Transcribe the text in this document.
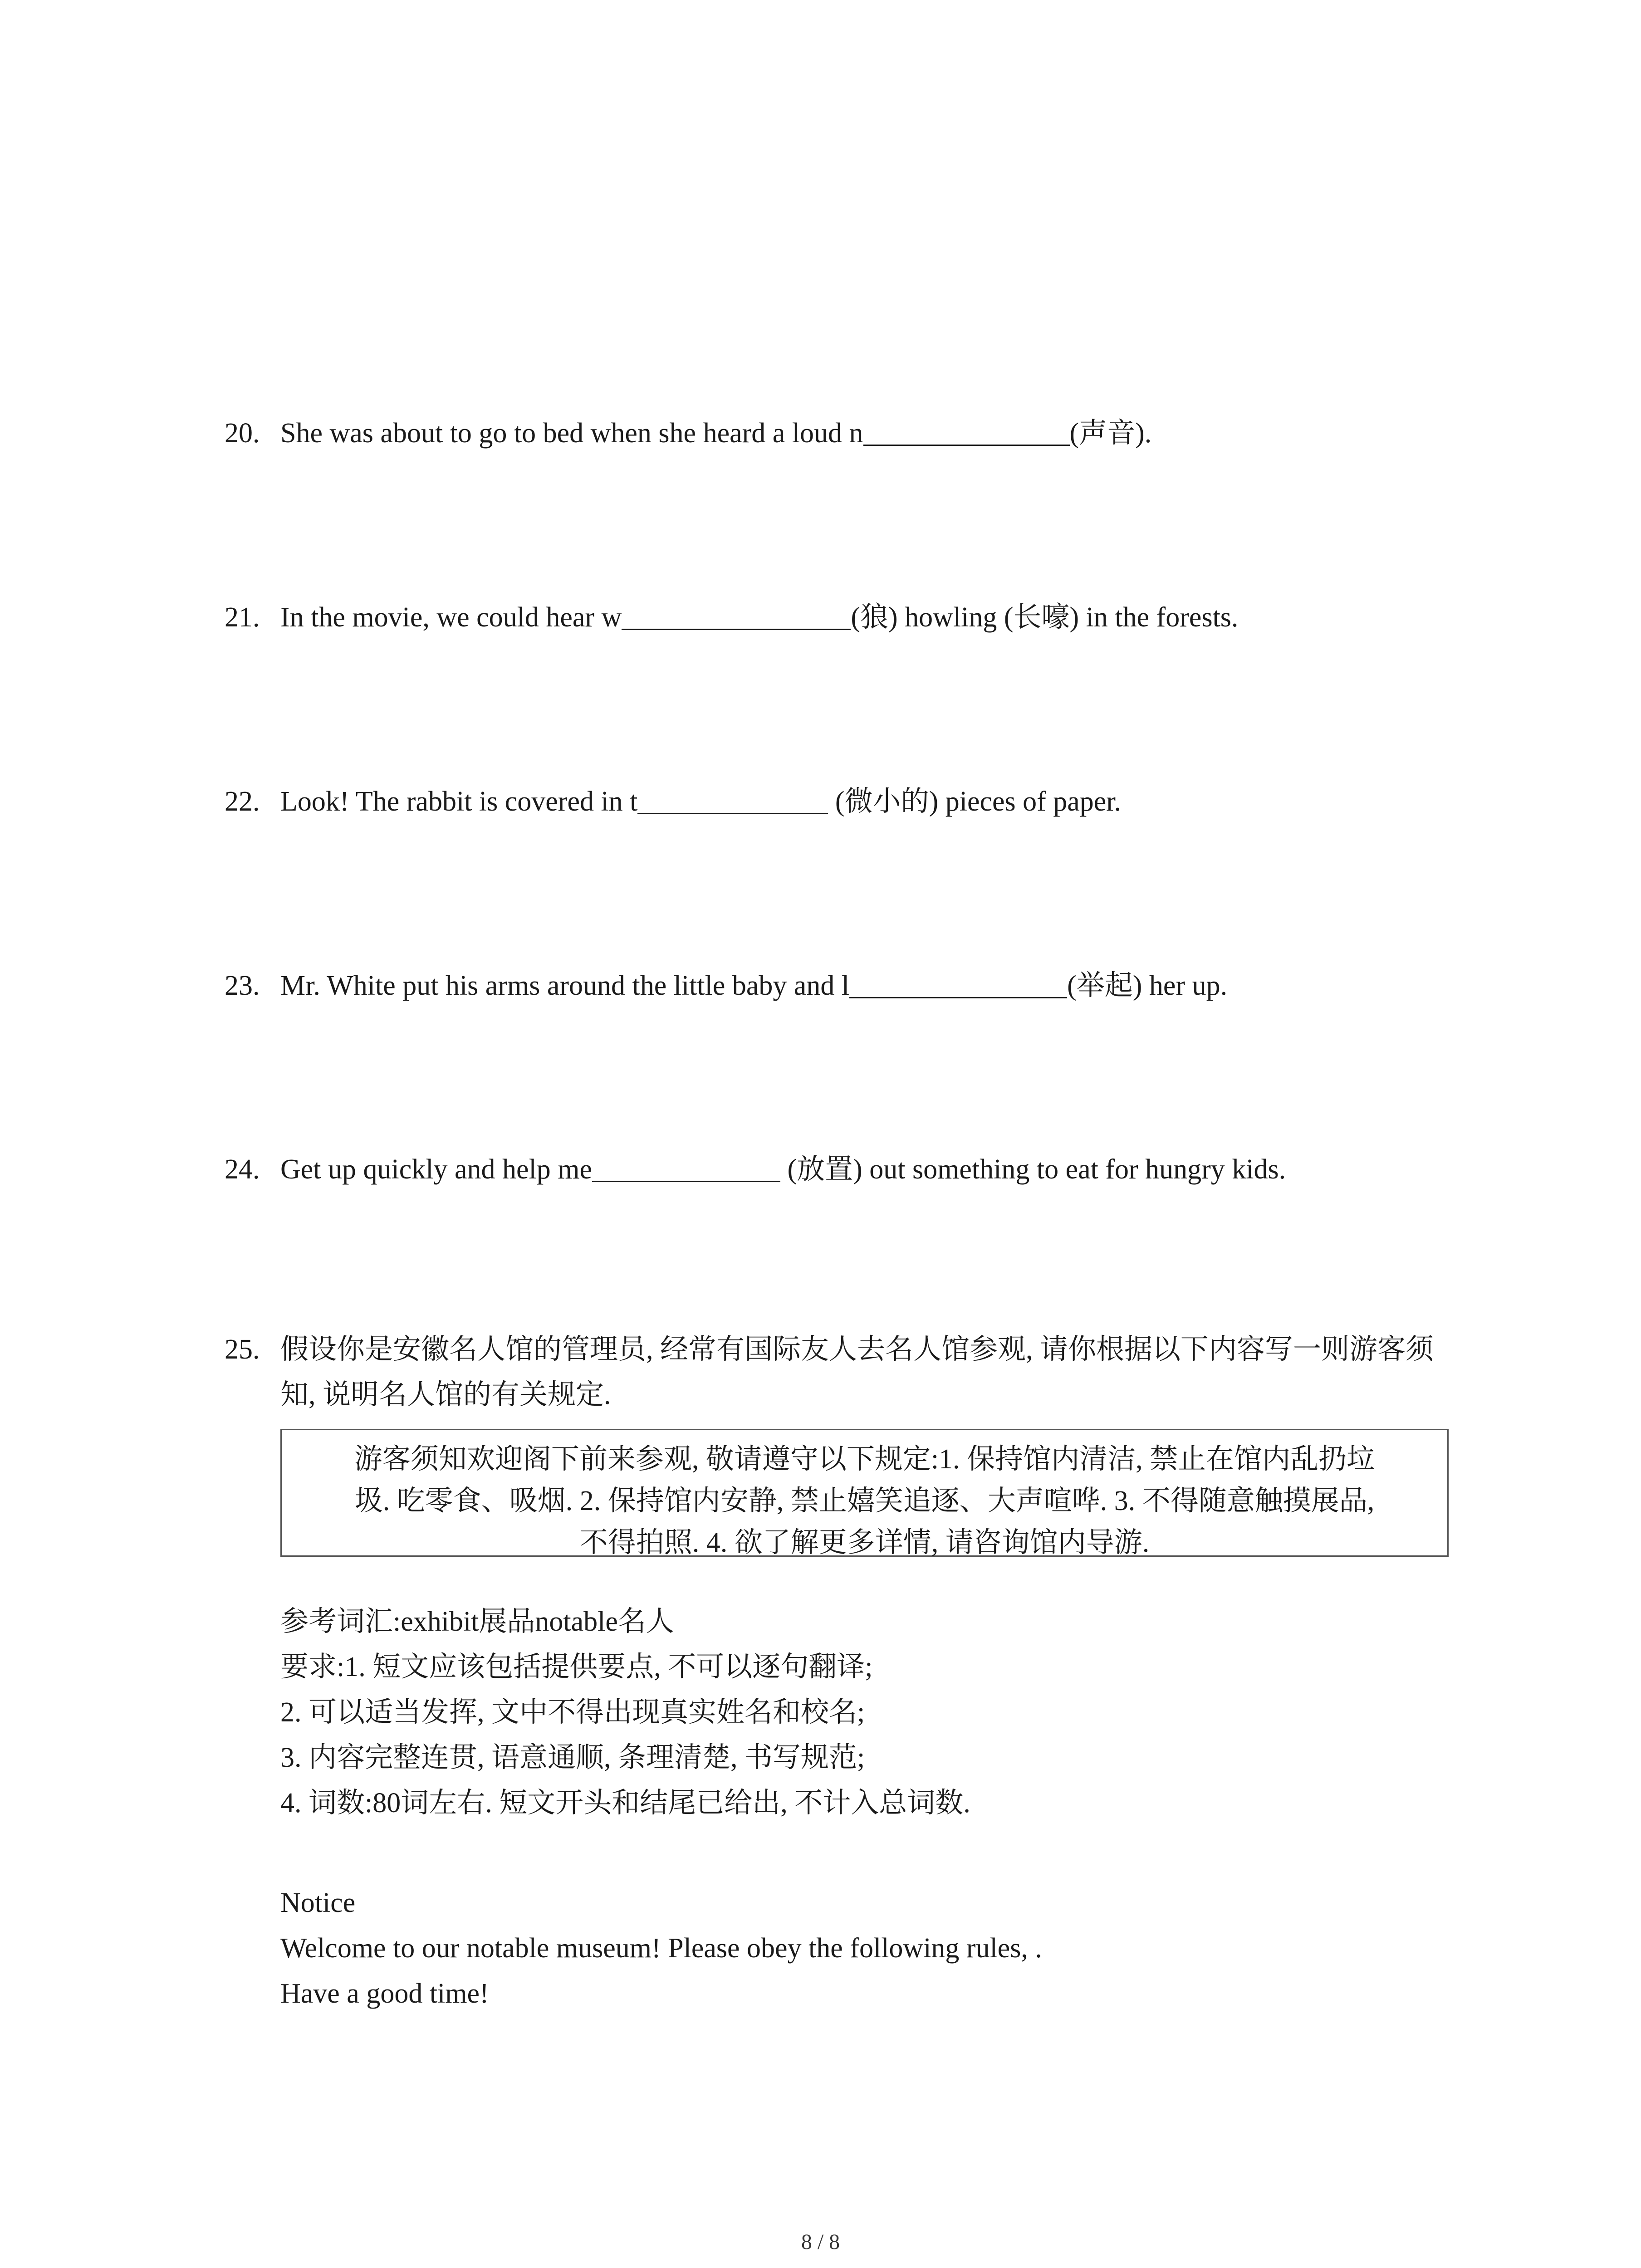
20. She was about to go to bed when she heard a loud n	(声音).
21. In the movie, we could hear w	(狼) howling (长嚎) in the forests.
22. Look! The rabbit is covered in t	(微小的) pieces of paper.
23. Mr. White put his arms around the little baby and l	(举起) her up.
24. Get up quickly and help me	(放置) out something to eat for hungry kids.
25. 假设你是安徽名人馆的管理员, 经常有国际友人去名人馆参观, 请你根据以下内容写一则游客须知, 说明名人馆的有关规定.
游客须知欢迎阁下前来参观, 敬请遵守以下规定:1. 保持馆内清洁, 禁止在馆内乱扔垃
圾. 吃零食、吸烟. 2. 保持馆内安静, 禁止嬉笑追逐、大声喧哗. 3. 不得随意触摸展品,
不得拍照. 4. 欲了解更多详情, 请咨询馆内导游.
参考词汇:exhibit展品notable名人
要求:1. 短文应该包括提供要点, 不可以逐句翻译;
2. 可以适当发挥, 文中不得出现真实姓名和校名;
3. 内容完整连贯, 语意通顺, 条理清楚, 书写规范;
4. 词数:80词左右. 短文开头和结尾已给出, 不计入总词数.
Notice
Welcome to our notable museum! Please obey the following rules, .
Have a good time!
8 / 8
